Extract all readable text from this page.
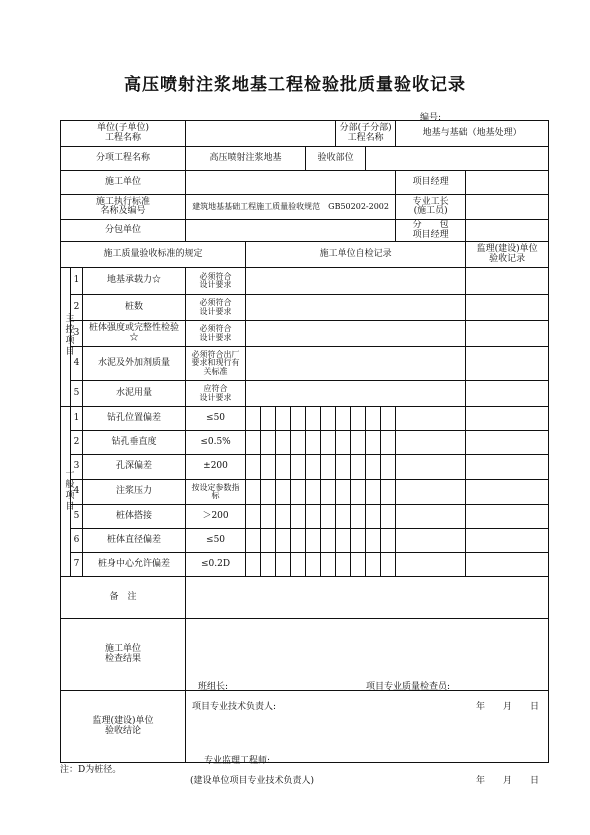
高压喷射注浆地基工程检验批质量验收记录
编号:
单位(子单位)
工程名称										分部(子分部)
工程名称				地基与基础（地基处理）	
分项工程名称			高压喷射注浆地基					验收部位							
施工单位														项目经理	

施工执行标准
名称及编号			建筑地基基础工程施工质量验收规范　GB50202-2002											专业工长
(施工员)	

分包单位														分　　包
项目经理	

施工质量验收标准的规定				施工单位自检记录											监理(建设)单位
验收记录

主控项目	1	地基承载力☆	必须符合
设计要求												

	2	桩数	必须符合
设计要求												

	3	桩体强度或完整性检验☆	必须符合
设计要求												

	4	水泥及外加剂质量	必须符合出厂
要求和现行有
关标准												

	5	水泥用量	应符合
设计要求												

一般项目	1	钻孔位置偏差	≤50												
	2	钻孔垂直度	≤0.5%												
	3	孔深偏差	±200												
	4	注浆压力	按设定参数指标												
	5	桩体搭接	＞200												
	6	桩体直径偏差	≤50												
	7	桩身中心允许偏差	≤0.2D												
备　注															

施工单位
检查结果			班组长: 项目专业质量检查员:
项目专业技术负责人: 年　　月　　日												

监理(建设)单位
验收结论			专业监理工程师:
(建设单位项目专业技术负责人) 年　　月　　日												
注：D为桩径。
